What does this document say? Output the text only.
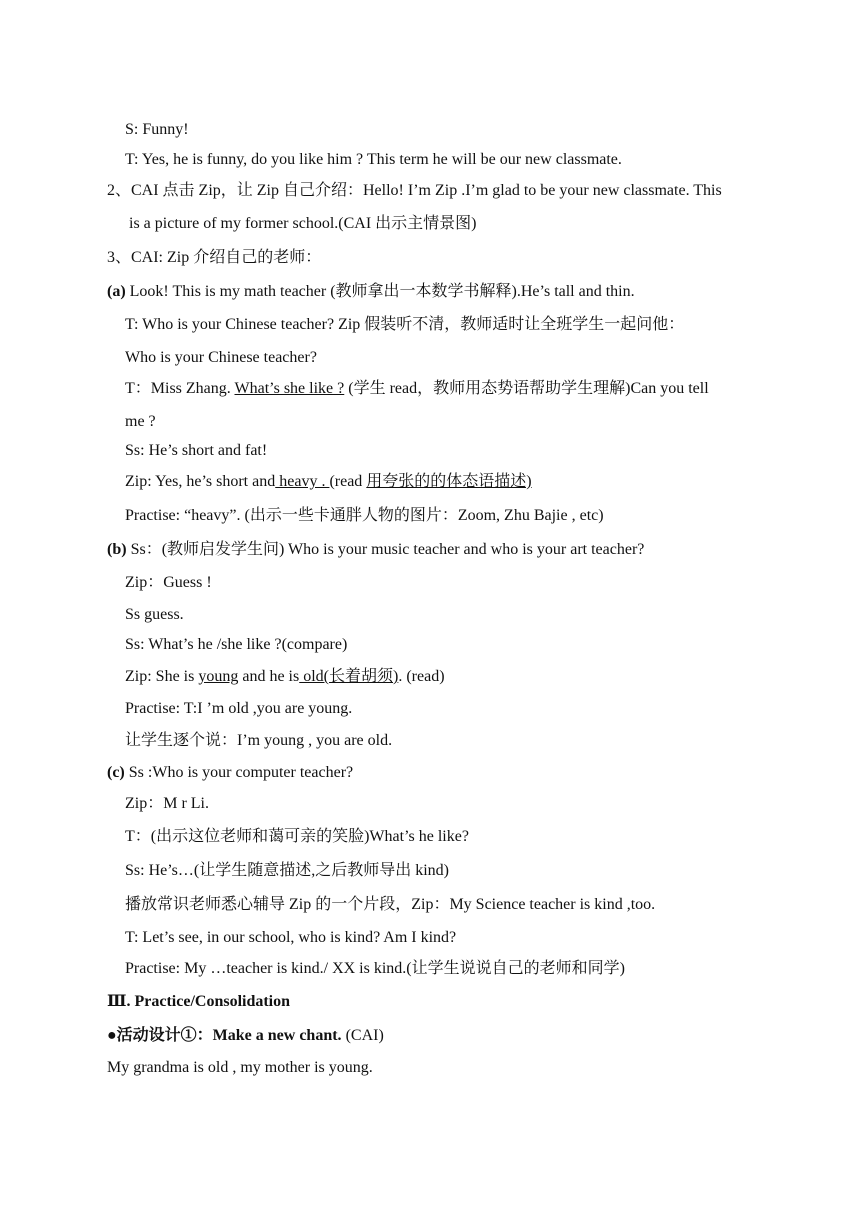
S: Funny!
T: Yes, he is funny, do you like him ? This term he will be our new classmate.
2、CAI 点击 Zip，让 Zip 自己介绍：Hello! I’m Zip .I’m glad to be your new classmate. This
is a picture of my former school.(CAI 出示主情景图)
3、CAI: Zip 介绍自己的老师：
(a) Look! This is my math teacher (教师拿出一本数学书解释).He’s tall and thin.
T: Who is your Chinese teacher? Zip 假装听不清，教师适时让全班学生一起问他：
Who is your Chinese teacher?
T：Miss Zhang. What’s she like ? (学生 read，教师用态势语帮助学生理解)Can you tell
me ?
Ss: He’s short and fat!
Zip: Yes, he’s short and heavy . (read 用夸张的的体态语描述)
Practise: “heavy”. (出示一些卡通胖人物的图片：Zoom, Zhu Bajie , etc)
(b) Ss：(教师启发学生问) Who is your music teacher and who is your art teacher?
Zip：Guess !
Ss guess.
Ss: What’s he /she like ?(compare)
Zip: She is young and he is old(长着胡须). (read)
Practise: T:I ’m old ,you are young.
让学生逐个说：I’m young , you are old.
(c) Ss :Who is your computer teacher?
Zip：M r Li.
T：(出示这位老师和蔼可亲的笑脸)What’s he like?
Ss: He’s…(让学生随意描述,之后教师导出 kind)
播放常识老师悉心辅导 Zip 的一个片段，Zip：My Science teacher is kind ,too.
T: Let’s see, in our school, who is kind? Am I kind?
Practise: My …teacher is kind./ XX is kind.(让学生说说自己的老师和同学)
Ⅲ. Practice/Consolidation
●活动设计①：Make a new chant. (CAI)
My grandma is old , my mother is young.
